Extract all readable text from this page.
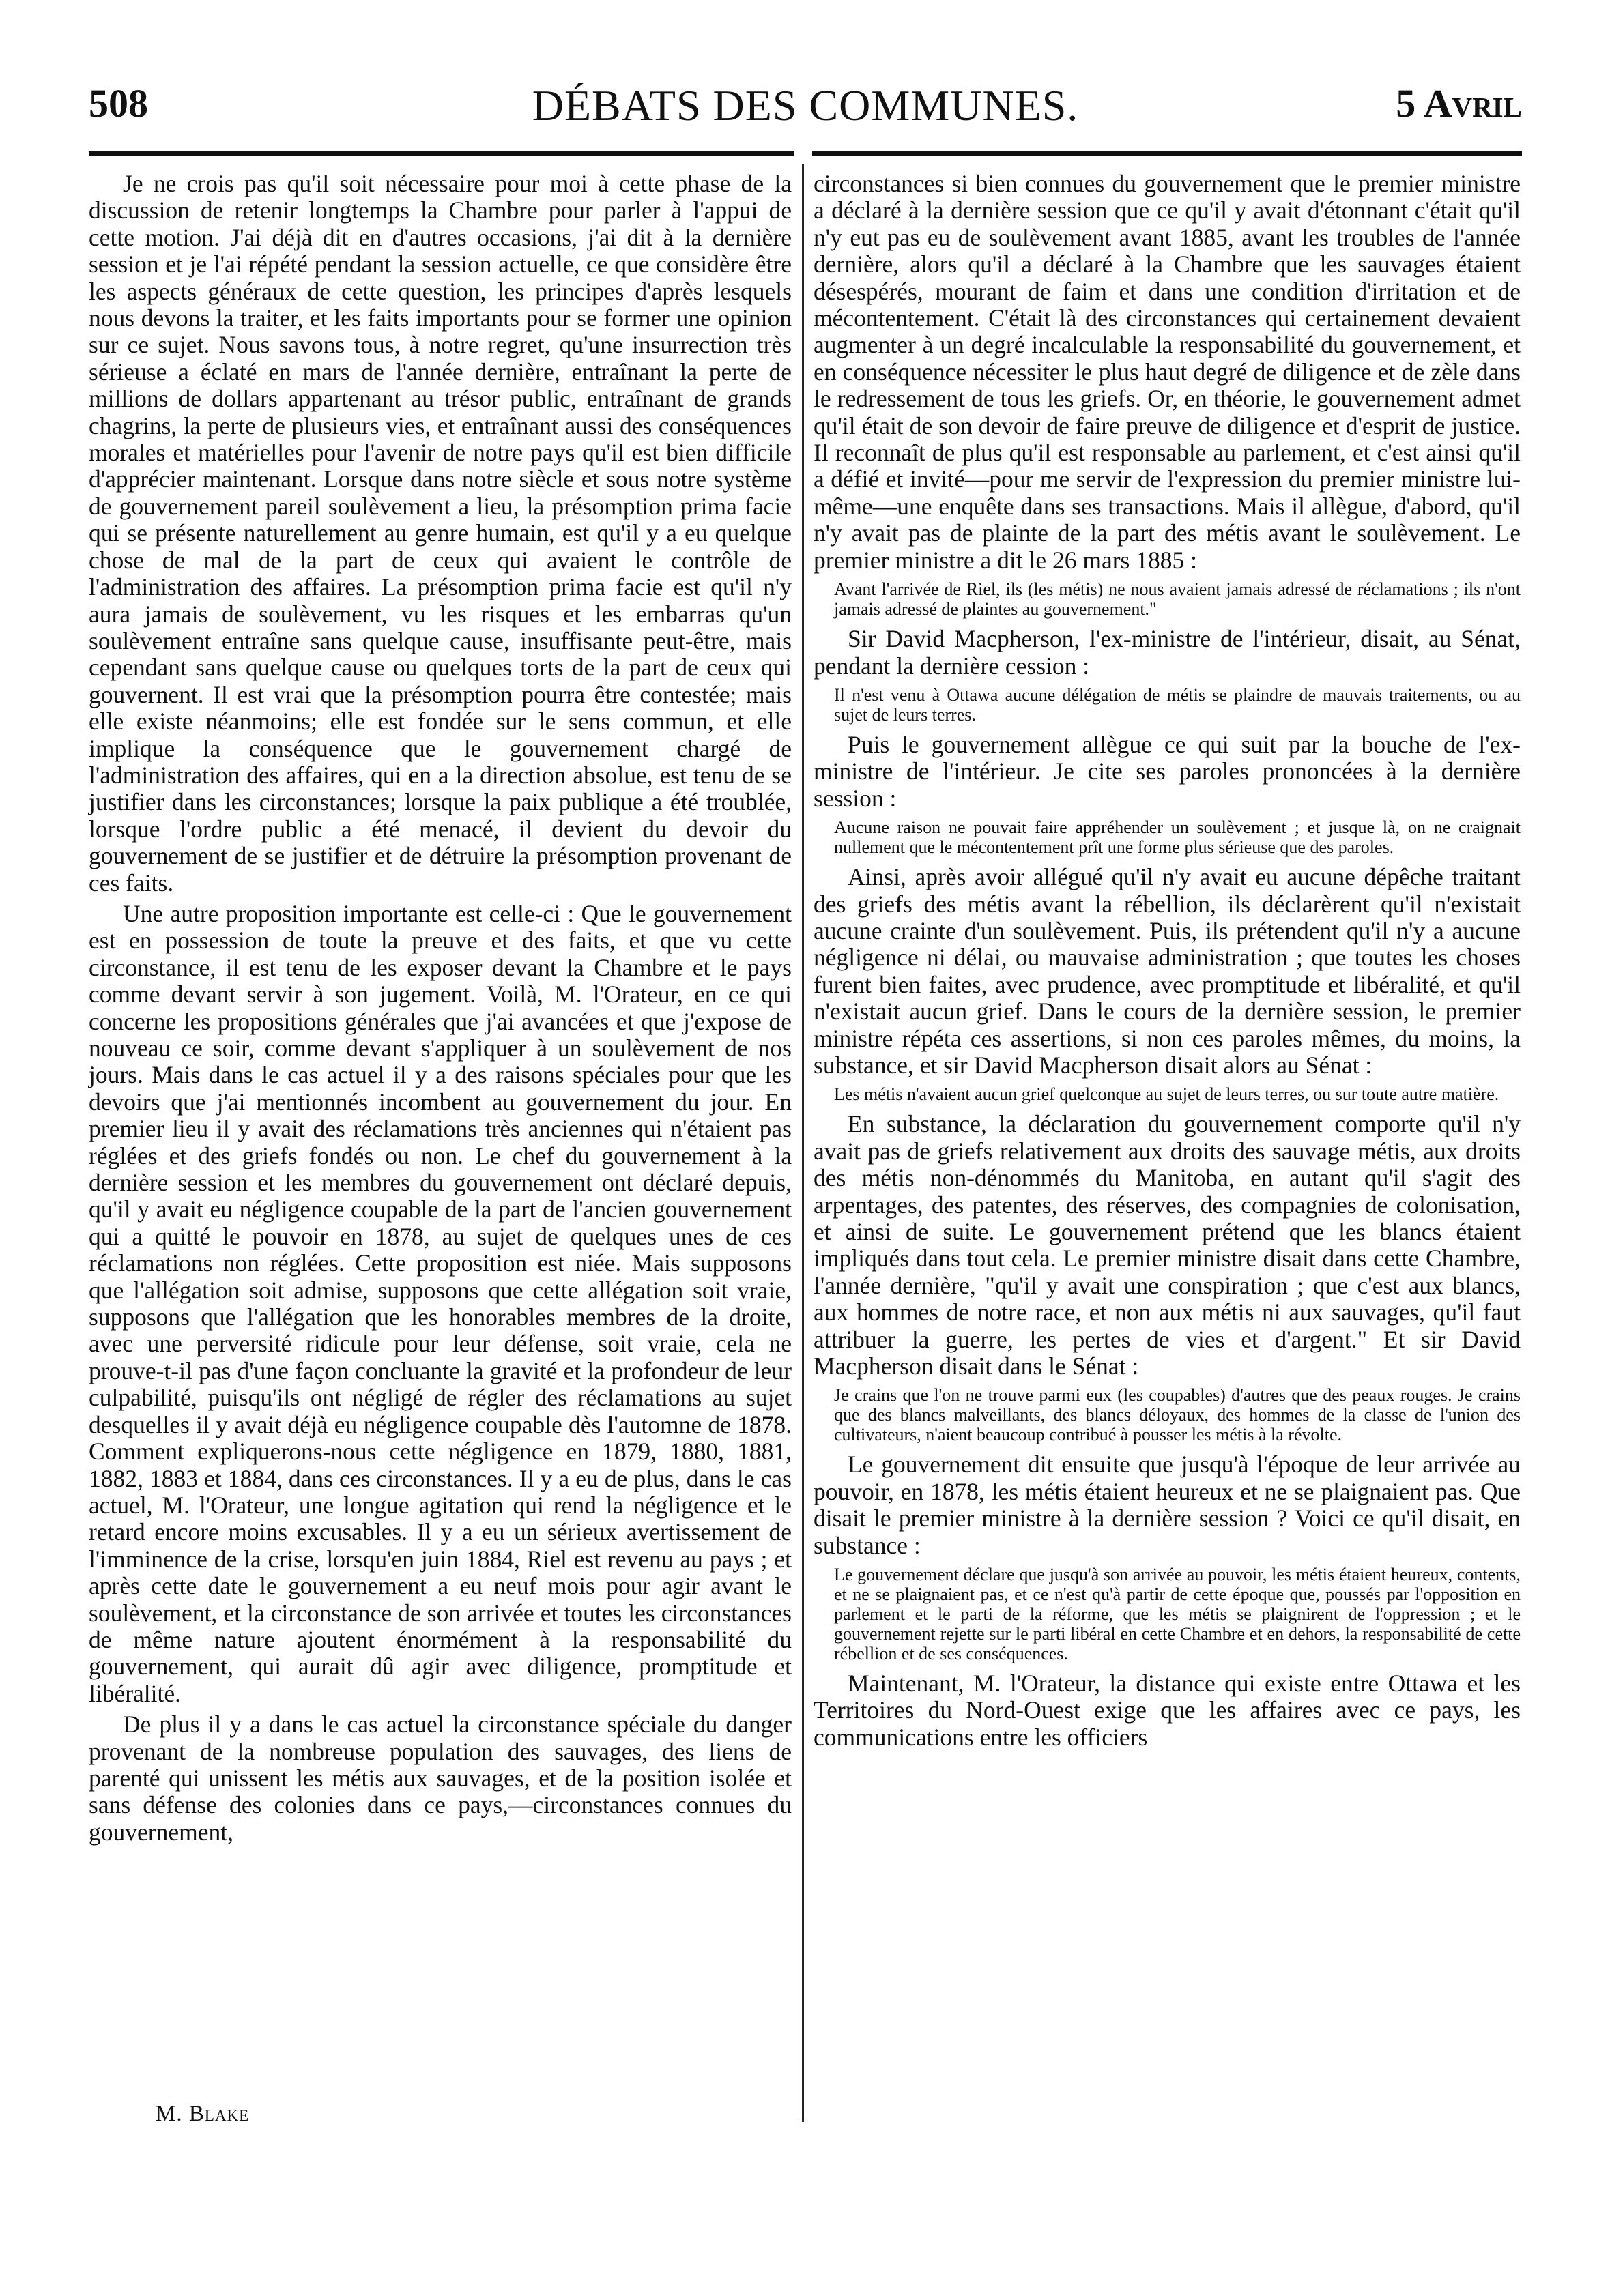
508	DÉBATS DES COMMUNES.	5 Avril

Je ne crois pas qu'il soit nécessaire pour moi à cette phase de la discussion de retenir longtemps la Chambre pour parler à l'appui de cette motion. J'ai déjà dit en d'autres occasions, j'ai dit à la dernière session et je l'ai répété pendant la session actuelle, ce que considère être les aspects généraux de cette question, les principes d'après lesquels nous devons la traiter, et les faits importants pour se former une opinion sur ce sujet. Nous savons tous, à notre regret, qu'une insurrection très sérieuse a éclaté en mars de l'année dernière, entraînant la perte de millions de dollars appartenant au trésor public, entraînant de grands chagrins, la perte de plusieurs vies, et entraînant aussi des conséquences morales et matérielles pour l'avenir de notre pays qu'il est bien difficile d'apprécier maintenant. Lorsque dans notre siècle et sous notre système de gouvernement pareil soulèvement a lieu, la présomption prima facie qui se présente naturellement au genre humain, est qu'il y a eu quelque chose de mal de la part de ceux qui avaient le contrôle de l'administration des affaires. La présomption prima facie est qu'il n'y aura jamais de soulèvement, vu les risques et les embarras qu'un soulèvement entraîne sans quelque cause, insuffisante peut-être, mais cependant sans quelque cause ou quelques torts de la part de ceux qui gouvernent. Il est vrai que la présomption pourra être contestée; mais elle existe néanmoins; elle est fondée sur le sens commun, et elle implique la conséquence que le gouvernement chargé de l'administration des affaires, qui en a la direction absolue, est tenu de se justifier dans les circonstances; lorsque la paix publique a été troublée, lorsque l'ordre public a été menacé, il devient du devoir du gouvernement de se justifier et de détruire la présomption provenant de ces faits.

Une autre proposition importante est celle-ci : Que le gouvernement est en possession de toute la preuve et des faits, et que vu cette circonstance, il est tenu de les exposer devant la Chambre et le pays comme devant servir à son jugement. Voilà, M. l'Orateur, en ce qui concerne les propositions générales que j'ai avancées et que j'expose de nouveau ce soir, comme devant s'appliquer à un soulèvement de nos jours. Mais dans le cas actuel il y a des raisons spéciales pour que les devoirs que j'ai mentionnés incombent au gouvernement du jour. En premier lieu il y avait des réclamations très anciennes qui n'étaient pas réglées et des griefs fondés ou non. Le chef du gouvernement à la dernière session et les membres du gouvernement ont déclaré depuis, qu'il y avait eu négligence coupable de la part de l'ancien gouvernement qui a quitté le pouvoir en 1878, au sujet de quelques unes de ces réclamations non réglées. Cette proposition est niée. Mais supposons que l'allégation soit admise, supposons que cette allégation soit vraie, supposons que l'allégation que les honorables membres de la droite, avec une perversité ridicule pour leur défense, soit vraie, cela ne prouve-t-il pas d'une façon concluante la gravité et la profondeur de leur culpabilité, puisqu'ils ont négligé de régler des réclamations au sujet desquelles il y avait déjà eu négligence coupable dès l'automne de 1878. Comment expliquerons-nous cette négligence en 1879, 1880, 1881, 1882, 1883 et 1884, dans ces circonstances. Il y a eu de plus, dans le cas actuel, M. l'Orateur, une longue agitation qui rend la négligence et le retard encore moins excusables. Il y a eu un sérieux avertissement de l'imminence de la crise, lorsqu'en juin 1884, Riel est revenu au pays ; et après cette date le gouvernement a eu neuf mois pour agir avant le soulèvement, et la circonstance de son arrivée et toutes les circonstances de même nature ajoutent énormément à la responsabilité du gouvernement, qui aurait dû agir avec diligence, promptitude et libéralité.

De plus il y a dans le cas actuel la circonstance spéciale du danger provenant de la nombreuse population des sauvages, des liens de parenté qui unissent les métis aux sauvages, et de la position isolée et sans défense des colonies dans ce pays,—circonstances connues du gouvernement,

M. Blake

circonstances si bien connues du gouvernement que le premier ministre a déclaré à la dernière session que ce qu'il y avait d'étonnant c'était qu'il n'y eut pas eu de soulèvement avant 1885, avant les troubles de l'année dernière, alors qu'il a déclaré à la Chambre que les sauvages étaient désespérés, mourant de faim et dans une condition d'irritation et de mécontentement. C'était là des circonstances qui certainement devaient augmenter à un degré incalculable la responsabilité du gouvernement, et en conséquence nécessiter le plus haut degré de diligence et de zèle dans le redressement de tous les griefs. Or, en théorie, le gouvernement admet qu'il était de son devoir de faire preuve de diligence et d'esprit de justice. Il reconnaît de plus qu'il est responsable au parlement, et c'est ainsi qu'il a défié et invité—pour me servir de l'expression du premier ministre lui-même—une enquête dans ses transactions. Mais il allègue, d'abord, qu'il n'y avait pas de plainte de la part des métis avant le soulèvement. Le premier ministre a dit le 26 mars 1885 :

Avant l'arrivée de Riel, ils (les métis) ne nous avaient jamais adressé de réclamations ; ils n'ont jamais adressé de plaintes au gouvernement."

Sir David Macpherson, l'ex-ministre de l'intérieur, disait, au Sénat, pendant la dernière cession :

Il n'est venu à Ottawa aucune délégation de métis se plaindre de mauvais traitements, ou au sujet de leurs terres.

Puis le gouvernement allègue ce qui suit par la bouche de l'ex-ministre de l'intérieur. Je cite ses paroles prononcées à la dernière session :

Aucune raison ne pouvait faire appréhender un soulèvement ; et jusque là, on ne craignait nullement que le mécontentement prît une forme plus sérieuse que des paroles.

Ainsi, après avoir allégué qu'il n'y avait eu aucune dépêche traitant des griefs des métis avant la rébellion, ils déclarèrent qu'il n'existait aucune crainte d'un soulèvement. Puis, ils prétendent qu'il n'y a aucune négligence ni délai, ou mauvaise administration ; que toutes les choses furent bien faites, avec prudence, avec promptitude et libéralité, et qu'il n'existait aucun grief. Dans le cours de la dernière session, le premier ministre répéta ces assertions, si non ces paroles mêmes, du moins, la substance, et sir David Macpherson disait alors au Sénat :

Les métis n'avaient aucun grief quelconque au sujet de leurs terres, ou sur toute autre matière.

En substance, la déclaration du gouvernement comporte qu'il n'y avait pas de griefs relativement aux droits des sauvage métis, aux droits des métis non-dénommés du Manitoba, en autant qu'il s'agit des arpentages, des patentes, des réserves, des compagnies de colonisation, et ainsi de suite. Le gouvernement prétend que les blancs étaient impliqués dans tout cela. Le premier ministre disait dans cette Chambre, l'année dernière, "qu'il y avait une conspiration ; que c'est aux blancs, aux hommes de notre race, et non aux métis ni aux sauvages, qu'il faut attribuer la guerre, les pertes de vies et d'argent." Et sir David Macpherson disait dans le Sénat :

Je crains que l'on ne trouve parmi eux (les coupables) d'autres que des peaux rouges. Je crains que des blancs malveillants, des blancs déloyaux, des hommes de la classe de l'union des cultivateurs, n'aient beaucoup contribué à pousser les métis à la révolte.

Le gouvernement dit ensuite que jusqu'à l'époque de leur arrivée au pouvoir, en 1878, les métis étaient heureux et ne se plaignaient pas. Que disait le premier ministre à la dernière session ? Voici ce qu'il disait, en substance :

Le gouvernement déclare que jusqu'à son arrivée au pouvoir, les métis étaient heureux, contents, et ne se plaignaient pas, et ce n'est qu'à partir de cette époque que, poussés par l'opposition en parlement et le parti de la réforme, que les métis se plaignirent de l'oppression ; et le gouvernement rejette sur le parti libéral en cette Chambre et en dehors, la responsabilité de cette rébellion et de ses conséquences.

Maintenant, M. l'Orateur, la distance qui existe entre Ottawa et les Territoires du Nord-Ouest exige que les affaires avec ce pays, les communications entre les officiers
